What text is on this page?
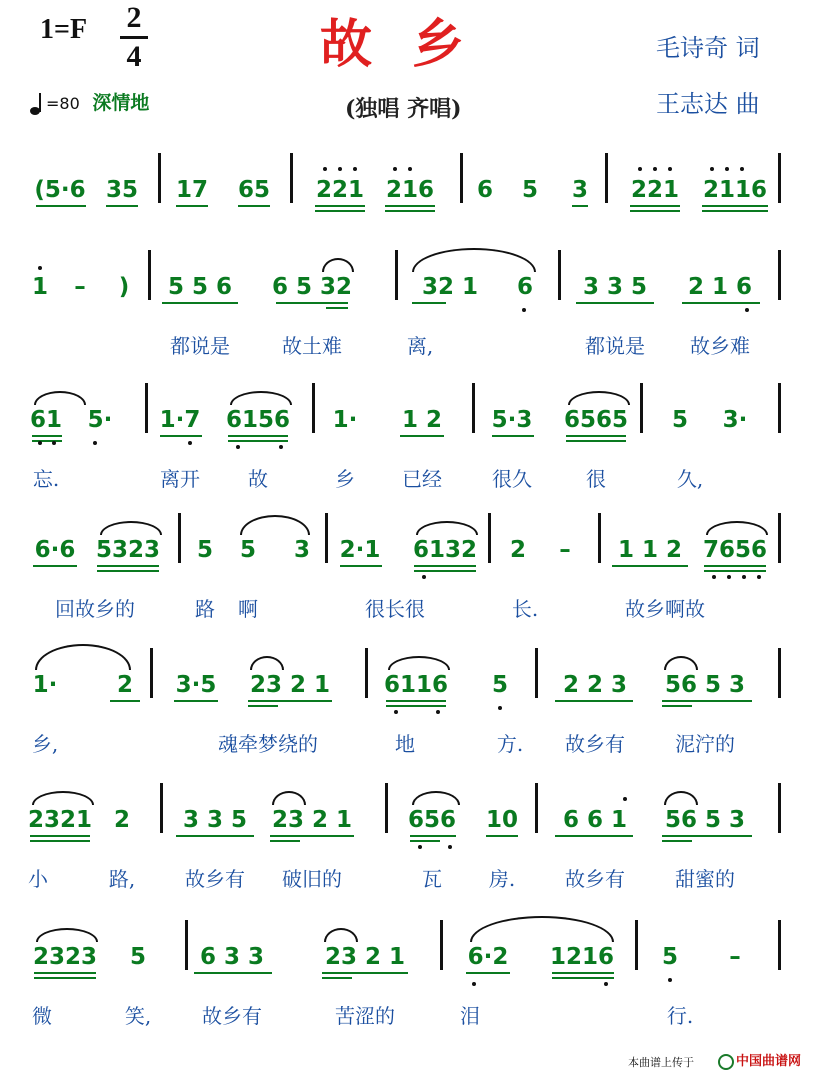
1=F 2
4
=80 深情地
故乡
(独唱 齐唱)
毛诗奇 词
王志达 曲
(5·6 35 17 65 221 216 6 5 3 221 2116
1 – ) 5 5 6 6 5 32	32 1 6 3 3 5 2 1 6
都说是	故土难	离,	都说是 故乡难
61 5· 1·7 6156 1· 1 2 5·3 6565 5 3·
忘.	离开 故	乡 已经	很久	很	久,
6·6 5323 5 5 3 2·1 6132 2 – 1 1 2 7656
回故乡的	路 啊	很长很	长.	故乡啊故
1·	2 3·5 23 2 1 6116 5 2 2 3 56 5 3
乡,	魂牵梦绕的	地	方. 故乡有	泥泞的
2321 2 3 3 5 23 2 1 656 10 6 6 1 56 5 3
小	路, 故乡有 破旧的	瓦 房. 故乡有	甜蜜的
2323 5 6 3 3	23 2 1	6·2 1216 5 –
微	笑,	故乡有	苦涩的	泪	行.
本曲谱上传于	中国曲谱网
